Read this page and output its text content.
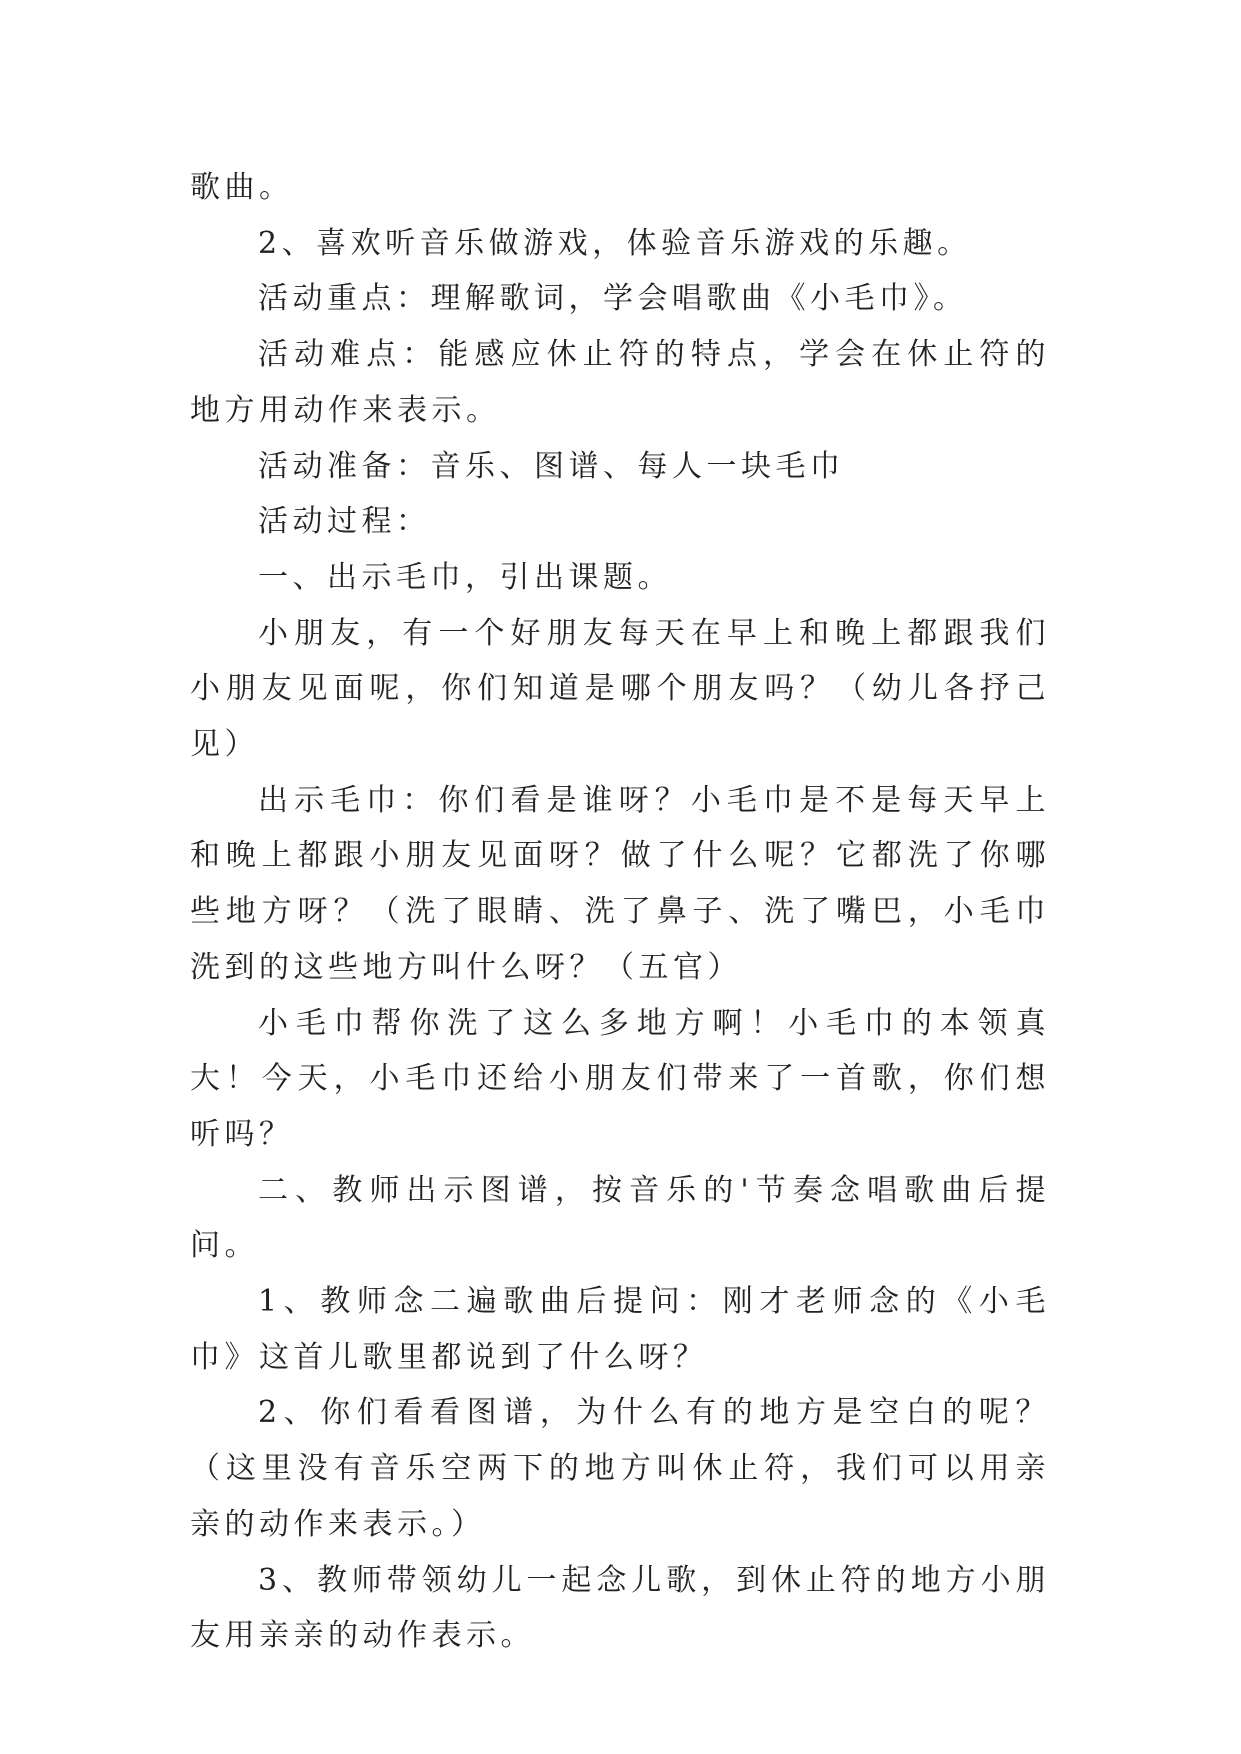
歌曲。

2、喜欢听音乐做游戏，体验音乐游戏的乐趣。

活动重点：理解歌词，学会唱歌曲《小毛巾》。

活动难点：能感应休止符的特点，学会在休止符的地方用动作来表示。

活动准备：音乐、图谱、每人一块毛巾

活动过程：

一、出示毛巾，引出课题。

小朋友，有一个好朋友每天在早上和晚上都跟我们小朋友见面呢，你们知道是哪个朋友吗？（幼儿各抒己见）

出示毛巾：你们看是谁呀？小毛巾是不是每天早上和晚上都跟小朋友见面呀？做了什么呢？它都洗了你哪些地方呀？（洗了眼睛、洗了鼻子、洗了嘴巴，小毛巾洗到的这些地方叫什么呀？（五官）

小毛巾帮你洗了这么多地方啊！小毛巾的本领真大！今天，小毛巾还给小朋友们带来了一首歌，你们想听吗？

二、教师出示图谱，按音乐的'节奏念唱歌曲后提问。

1、教师念二遍歌曲后提问：刚才老师念的《小毛巾》这首儿歌里都说到了什么呀？

2、你们看看图谱，为什么有的地方是空白的呢？（这里没有音乐空两下的地方叫休止符，我们可以用亲亲的动作来表示。）

3、教师带领幼儿一起念儿歌，到休止符的地方小朋友用亲亲的动作表示。
